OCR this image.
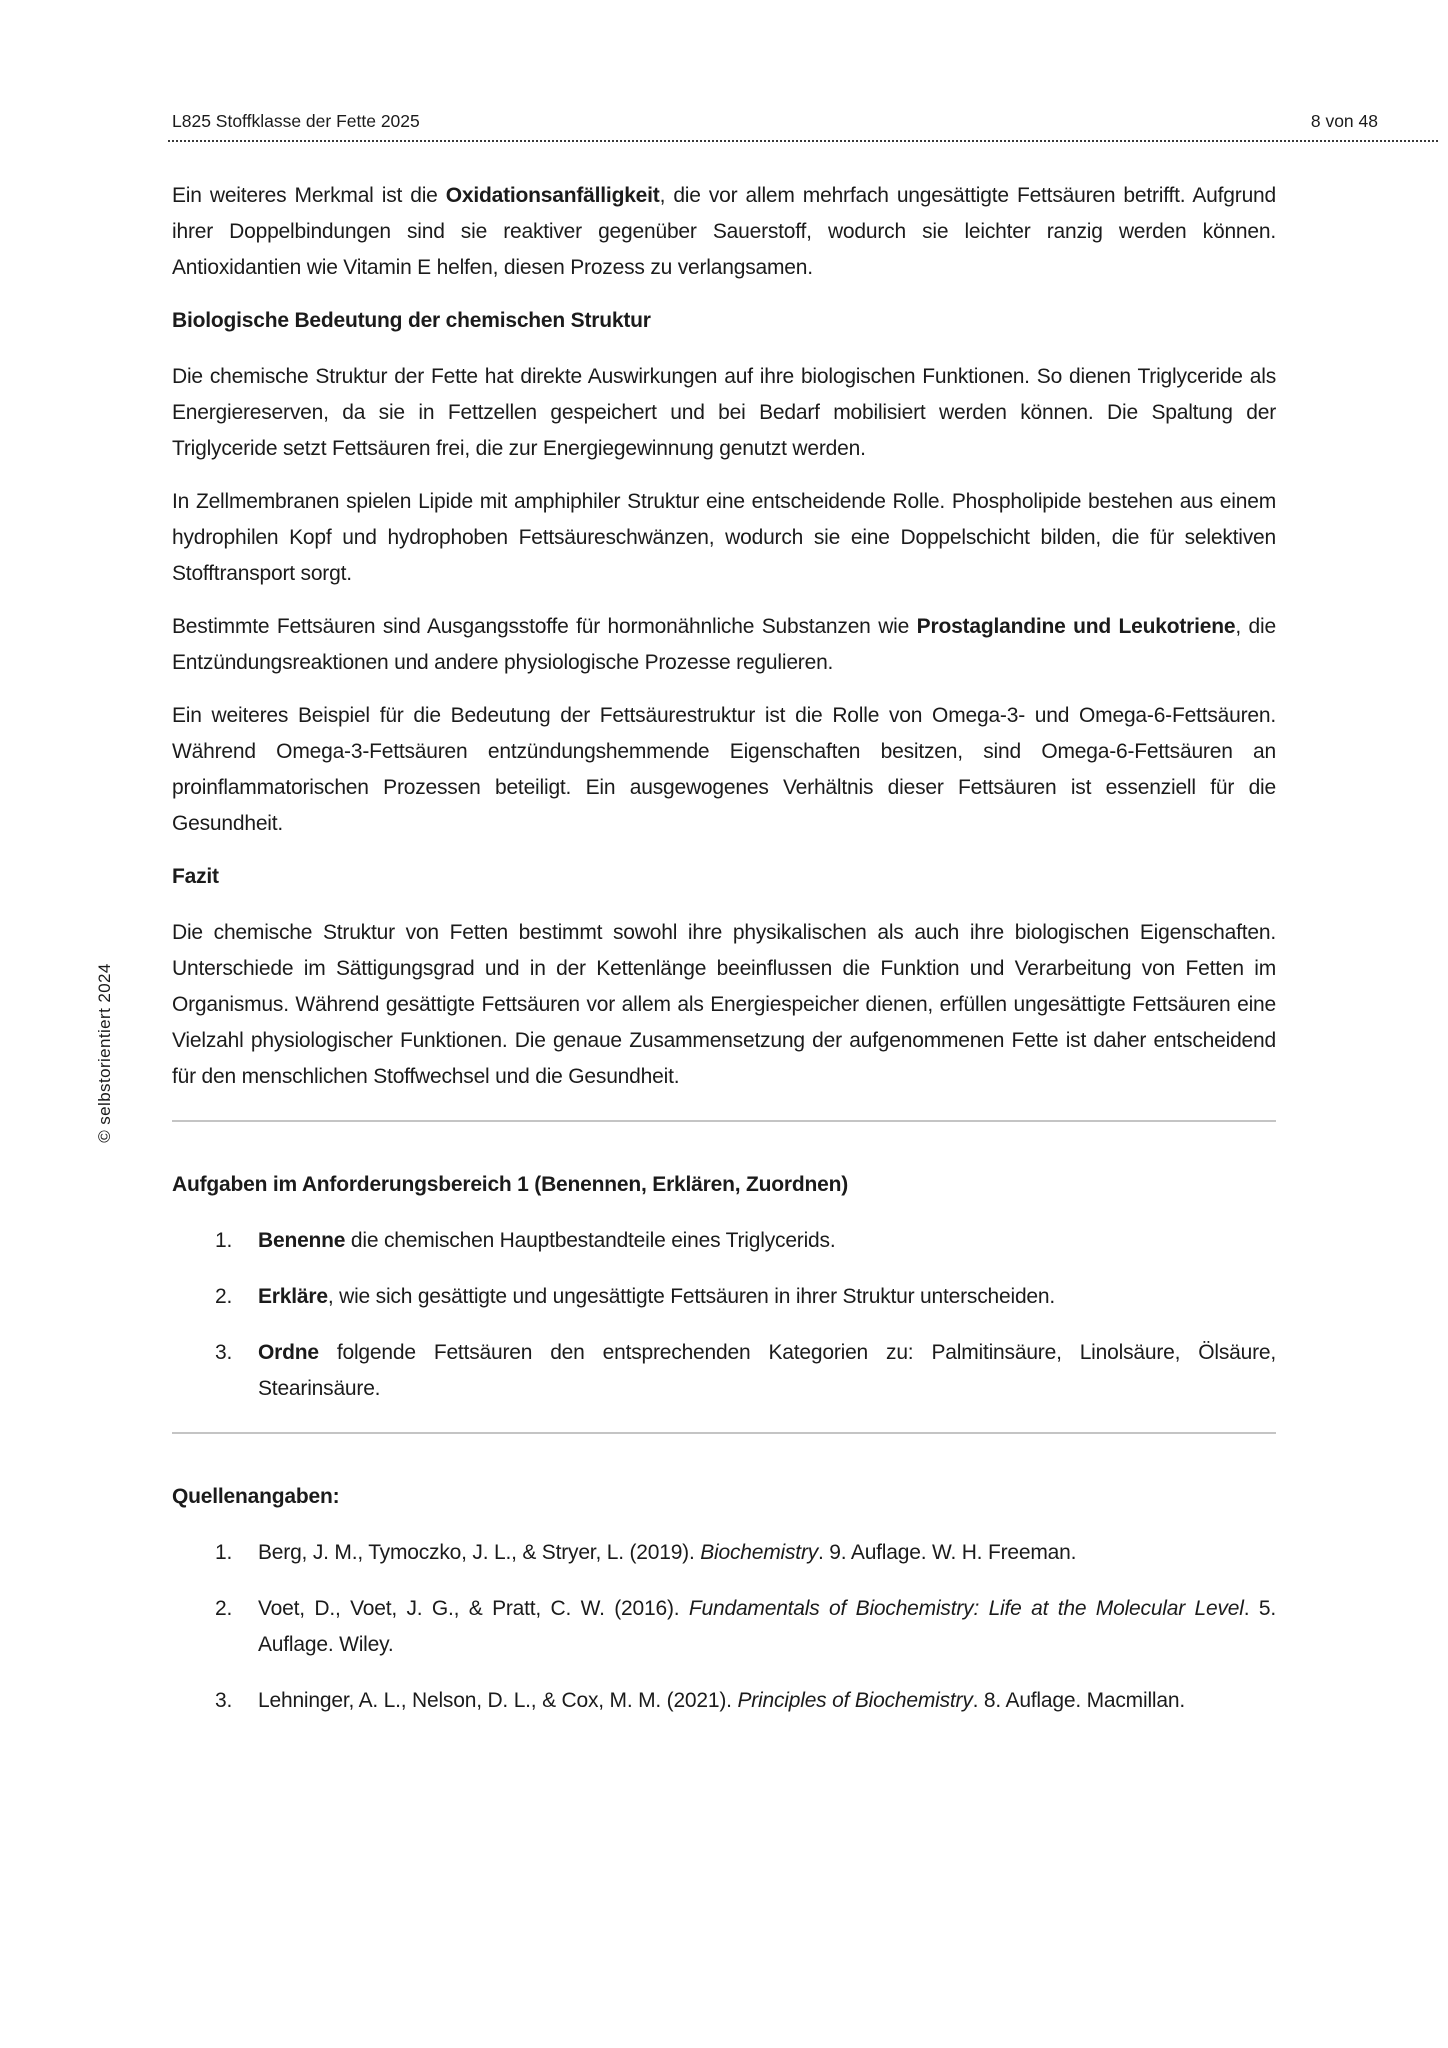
L825 Stoffklasse der Fette 2025	8 von 48
© selbstorientiert 2024

Ein weiteres Merkmal ist die Oxidationsanfälligkeit, die vor allem mehrfach ungesättigte Fettsäuren betrifft. Aufgrund ihrer Doppelbindungen sind sie reaktiver gegenüber Sauerstoff, wodurch sie leichter ranzig werden können. Antioxidantien wie Vitamin E helfen, diesen Prozess zu verlangsamen.

Biologische Bedeutung der chemischen Struktur

Die chemische Struktur der Fette hat direkte Auswirkungen auf ihre biologischen Funktionen. So dienen Triglyceride als Energiereserven, da sie in Fettzellen gespeichert und bei Bedarf mobilisiert werden können. Die Spaltung der Triglyceride setzt Fettsäuren frei, die zur Energiegewinnung genutzt werden.

In Zellmembranen spielen Lipide mit amphiphiler Struktur eine entscheidende Rolle. Phospholipide bestehen aus einem hydrophilen Kopf und hydrophoben Fettsäureschwänzen, wodurch sie eine Doppelschicht bilden, die für selektiven Stofftransport sorgt.

Bestimmte Fettsäuren sind Ausgangsstoffe für hormonähnliche Substanzen wie Prostaglandine und Leukotriene, die Entzündungsreaktionen und andere physiologische Prozesse regulieren.

Ein weiteres Beispiel für die Bedeutung der Fettsäurestruktur ist die Rolle von Omega-3- und Omega-6-Fettsäuren. Während Omega-3-Fettsäuren entzündungshemmende Eigenschaften besitzen, sind Omega-6-Fettsäuren an proinflammatorischen Prozessen beteiligt. Ein ausgewogenes Verhältnis dieser Fettsäuren ist essenziell für die Gesundheit.

Fazit

Die chemische Struktur von Fetten bestimmt sowohl ihre physikalischen als auch ihre biologischen Eigenschaften. Unterschiede im Sättigungsgrad und in der Kettenlänge beeinflussen die Funktion und Verarbeitung von Fetten im Organismus. Während gesättigte Fettsäuren vor allem als Energiespeicher dienen, erfüllen ungesättigte Fettsäuren eine Vielzahl physiologischer Funktionen. Die genaue Zusammensetzung der aufgenommenen Fette ist daher entscheidend für den menschlichen Stoffwechsel und die Gesundheit.

Aufgaben im Anforderungsbereich 1 (Benennen, Erklären, Zuordnen)
1. Benenne die chemischen Hauptbestandteile eines Triglycerids.
2. Erkläre, wie sich gesättigte und ungesättigte Fettsäuren in ihrer Struktur unterscheiden.
3. Ordne folgende Fettsäuren den entsprechenden Kategorien zu: Palmitinsäure, Linolsäure, Ölsäure, Stearinsäure.
Quellenangaben:
1. Berg, J. M., Tymoczko, J. L., & Stryer, L. (2019). Biochemistry. 9. Auflage. W. H. Freeman.
2. Voet, D., Voet, J. G., & Pratt, C. W. (2016). Fundamentals of Biochemistry: Life at the Molecular Level. 5. Auflage. Wiley.
3. Lehninger, A. L., Nelson, D. L., & Cox, M. M. (2021). Principles of Biochemistry. 8. Auflage. Macmillan.
